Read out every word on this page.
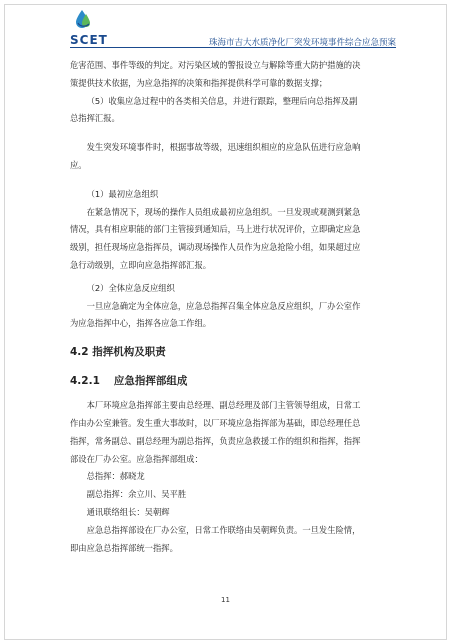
SCET	珠海市吉大水质净化厂突发环境事件综合应急预案

危害范围、事件等级的判定。对污染区域的警报设立与解除等重大防护措施的决

策提供技术依据，为应急指挥的决策和指挥提供科学可靠的数据支撑；

（5）收集应急过程中的各类相关信息，并进行跟踪，整理后向总指挥及副

总指挥汇报。

发生突发环境事件时，根据事故等级，迅速组织相应的应急队伍进行应急响

应。

（1）最初应急组织

在紧急情况下，现场的操作人员组成最初应急组织。一旦发现或观测到紧急

情况，具有相应职能的部门主管接到通知后，马上进行状况评价，立即确定应急

级别，担任现场应急指挥员，调动现场操作人员作为应急抢险小组，如果超过应

急行动级别，立即向应急指挥部汇报。

（2）全体应急反应组织

一旦应急确定为全体应急，应急总指挥召集全体应急反应组织，厂办公室作

为应急指挥中心，指挥各应急工作组。

4.2 指挥机构及职责
4.2.1 应急指挥部组成

本厂环境应急指挥部主要由总经理、副总经理及部门主管领导组成，日常工

作由办公室兼管。发生重大事故时，以厂环境应急指挥部为基础，即总经理任总

指挥，常务副总、副总经理为副总指挥，负责应急救援工作的组织和指挥，指挥

部设在厂办公室。应急指挥部组成：

总指挥：郝晓龙

副总指挥：余立川、吴平胜

通讯联络组长：吴朝辉

应急总指挥部设在厂办公室，日常工作联络由吴朝辉负责。一旦发生险情，

即由应急总指挥部统一指挥。

11
